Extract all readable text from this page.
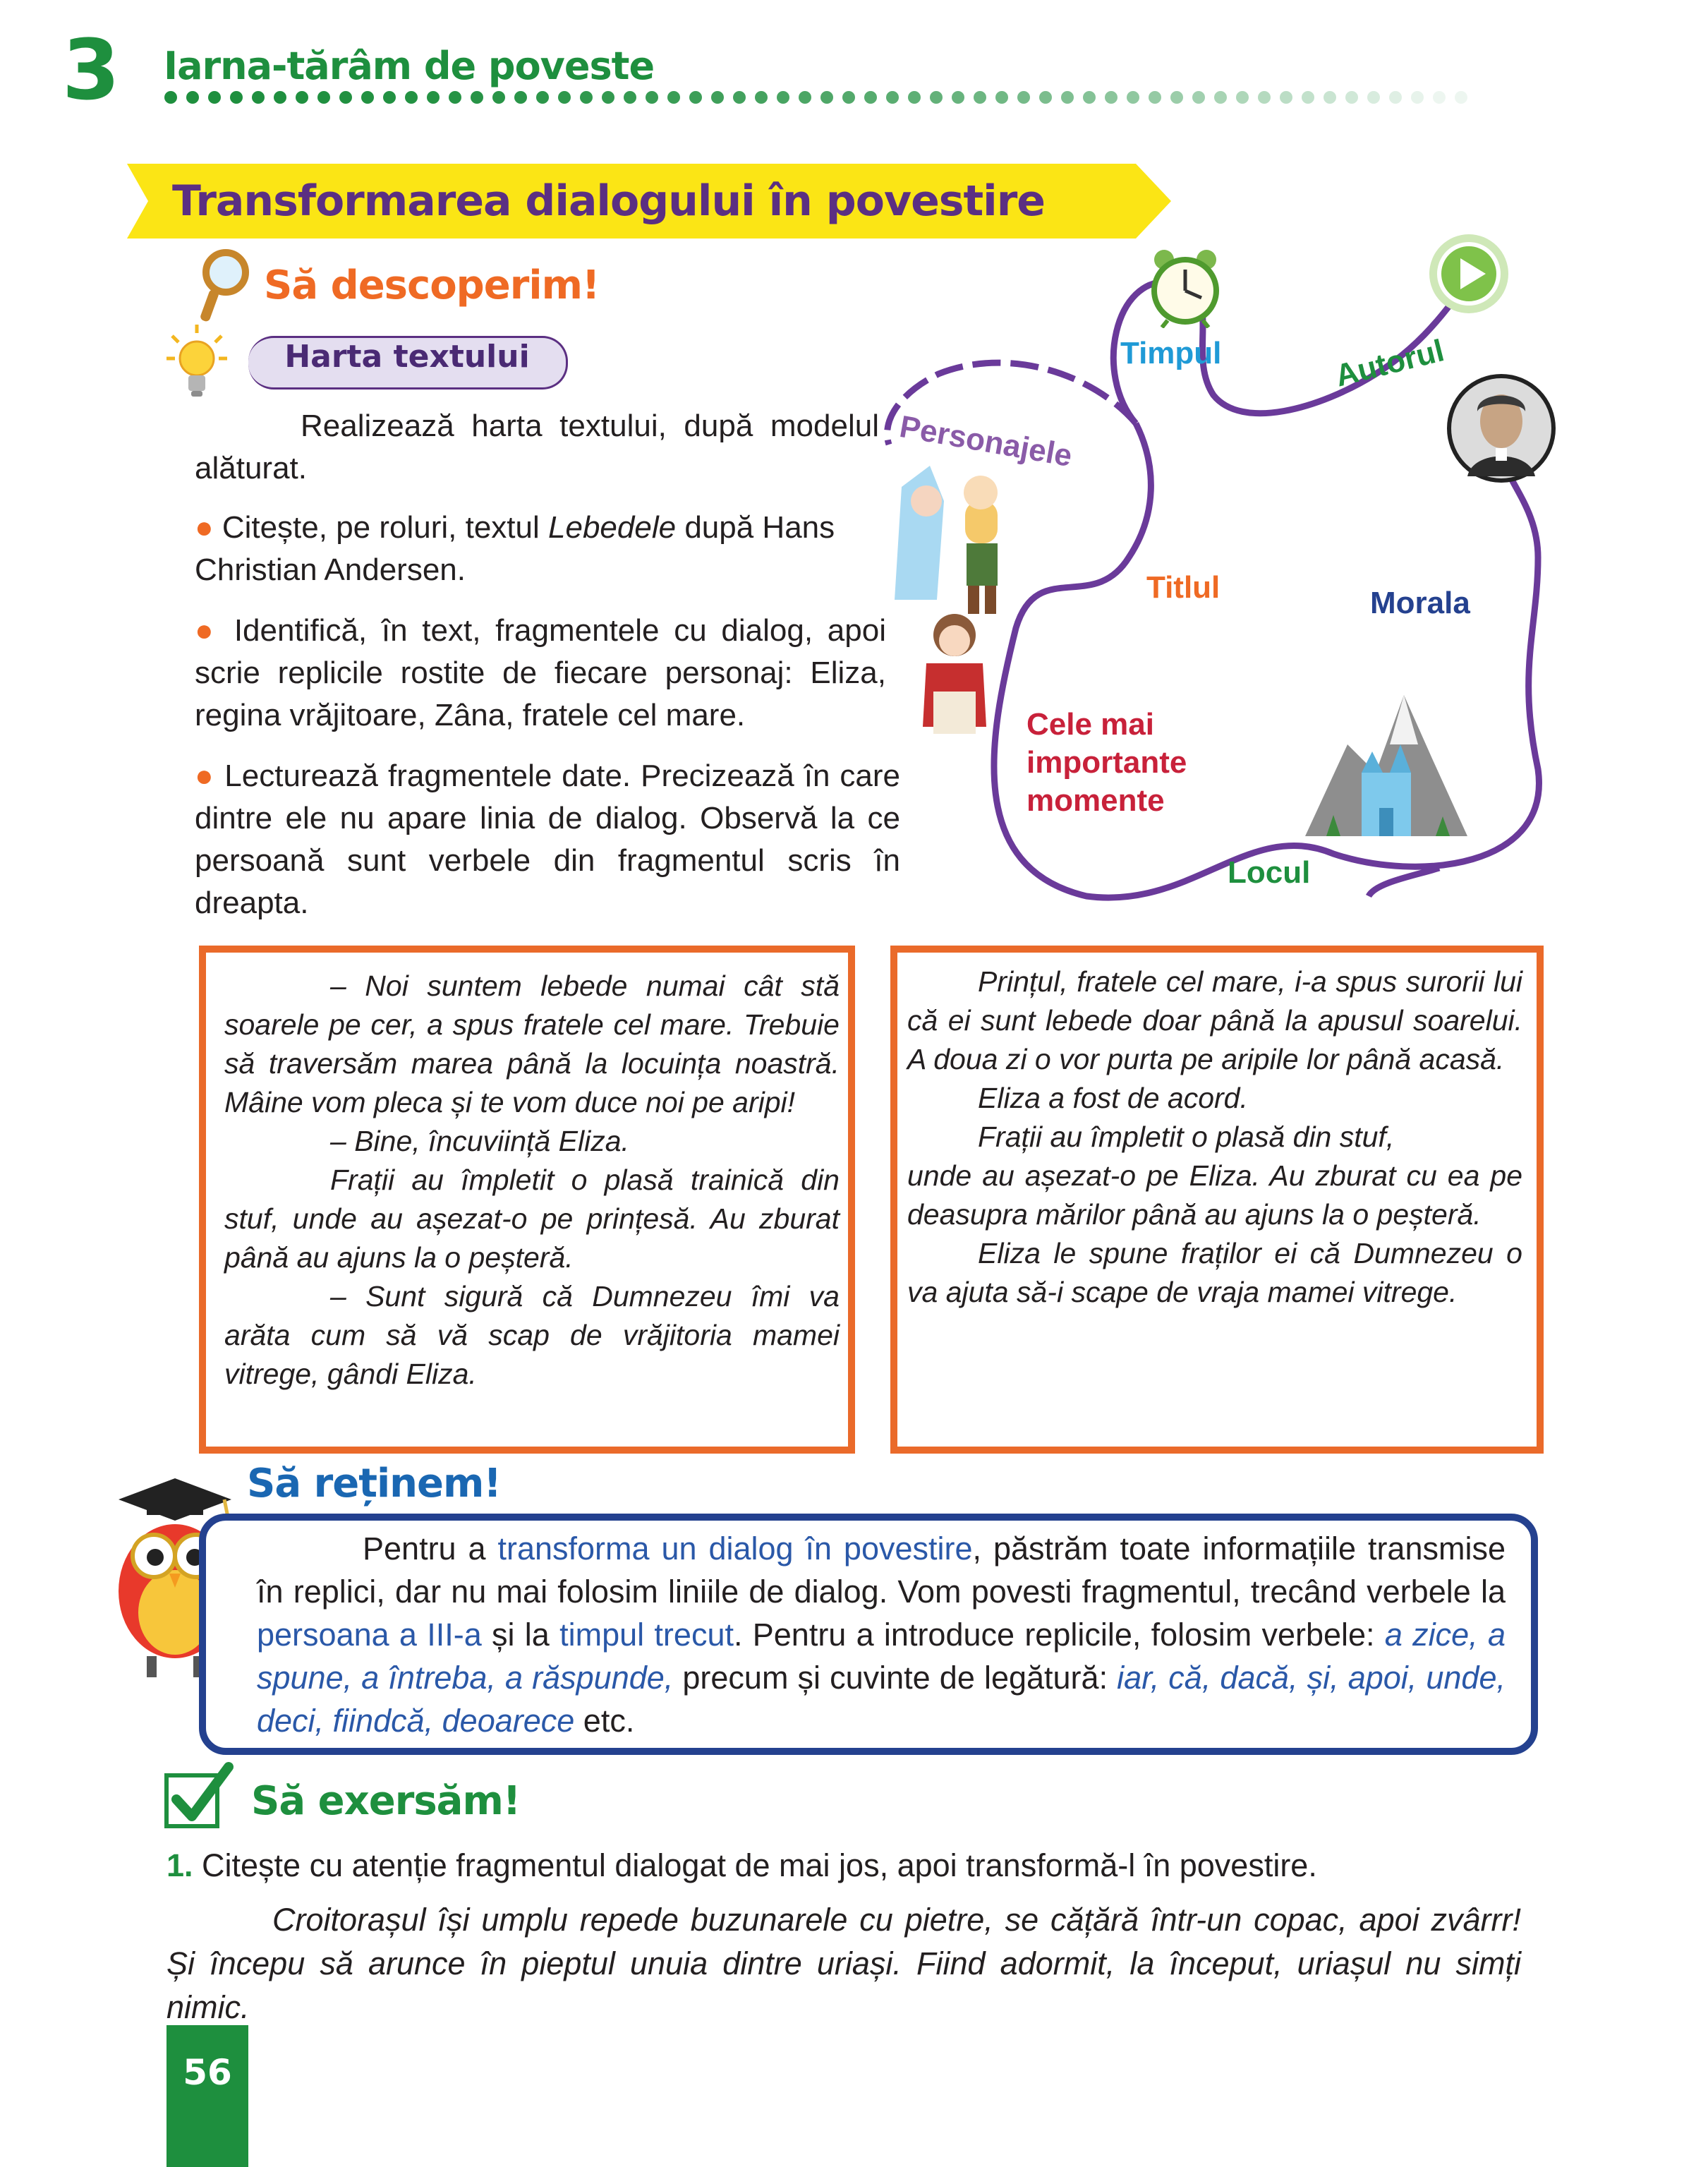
3 Iarna-tărâm de poveste
Transformarea dialogului în povestire
Să descoperim!
Harta textului
Realizează harta textului, după modelul alăturat.
● Citește, pe roluri, textul Lebedele după Hans Christian Andersen.
● Identifică, în text, fragmentele cu dialog, apoi scrie replicile rostite de fiecare personaj: Eliza, regina vrăjitoare, Zâna, fratele cel mare.
● Lecturează fragmentele date. Precizează în care dintre ele nu apare linia de dialog. Observă la ce persoană sunt verbele din fragmentul scris în dreapta.
Timpul	Autorul
Personajele
Titlul	Morala
Cele mai
importante
momente
Locul

– Noi suntem lebede numai cât stă soarele pe cer, a spus fratele cel mare. Trebuie să traversăm marea până la locuința noastră. Mâine vom pleca și te vom duce noi pe aripi!

– Bine, încuviință Eliza.

Frații au împletit o plasă trainică din stuf, unde au așezat-o pe prințesă. Au zburat până au ajuns la o peșteră.

– Sunt sigură că Dumnezeu îmi va arăta cum să vă scap de vrăjitoria mamei vitrege, gândi Eliza.

Prințul, fratele cel mare, i-a spus surorii lui că ei sunt lebede doar până la apusul soarelui. A doua zi o vor purta pe aripile lor până acasă.

Eliza a fost de acord.

Frații au împletit o plasă din stuf,

unde au așezat-o pe Eliza. Au zburat cu ea pe deasupra mărilor până au ajuns la o peșteră.

Eliza le spune fraților ei că Dumnezeu o va ajuta să-i scape de vraja mamei vitrege.

Să reținem!
Pentru a transforma un dialog în povestire, păstrăm toate informațiile transmise în replici, dar nu mai folosim liniile de dialog. Vom povesti fragmentul, trecând verbele la persoana a III-a și la timpul trecut. Pentru a introduce replicile, folosim verbele: a zice, a spune, a întreba, a răspunde, precum și cuvinte de legătură: iar, că, dacă, și, apoi, unde, deci, fiindcă, deoarece etc.
Să exersăm!
1. Citește cu atenție fragmentul dialogat de mai jos, apoi transformă-l în povestire.
Croitorașul își umplu repede buzunarele cu pietre, se cățără într-un copac, apoi zvârrr! Și începu să arunce în pieptul unuia dintre uriași. Fiind adormit, la început, uriașul nu simți nimic.
56
